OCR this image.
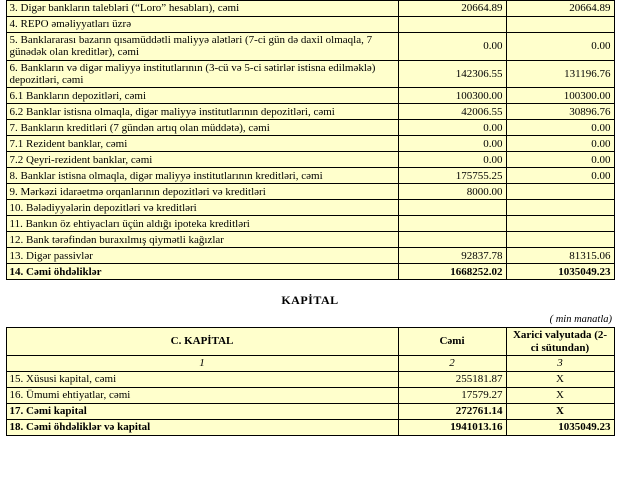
3. Digər bankların talebləri (“Loro” hesabları), cəmi	20664.89	20664.89
4. REPO əməliyyatları üzrə		
5. Banklararası bazarın qısamüddətli maliyyə alətləri (7-ci gün də daxil olmaqla, 7 günədək olan kreditlər), cəmi	0.00	0.00
6. Bankların və digər maliyyə institutlarının (3-cü və 5-ci sətirlər istisna edilməklə) depozitləri, cəmi	142306.55	131196.76
6.1 Bankların depozitləri, cəmi	100300.00	100300.00
6.2 Banklar istisna olmaqla, digər maliyyə institutlarının depozitləri, cəmi	42006.55	30896.76
7. Bankların kreditləri (7 gündən artıq olan müddətə), cəmi	0.00	0.00
7.1 Rezident banklar, cəmi	0.00	0.00
7.2 Qeyri-rezident banklar, cəmi	0.00	0.00
8. Banklar istisna olmaqla, digər maliyyə institutlarının kreditləri, cəmi	175755.25	0.00
9. Mərkəzi idarəetmə orqanlarının depozitləri və kreditləri	8000.00	
10. Bələdiyyələrin depozitləri və kreditləri		
11. Bankın öz ehtiyacları üçün aldığı ipoteka kreditləri		
12. Bank tərəfindən buraxılmış qiymətli kağızlar		
13. Digər passivlər	92837.78	81315.06
14. Cəmi öhdəliklər	1668252.02	1035049.23
KAPİTAL
( min manatla)
C. KAPİTAL	Cəmi	Xarici valyutada (2-ci sütundan)
1	2	3
15. Xüsusi kapital, cəmi	255181.87	X
16. Ümumi ehtiyatlar, cəmi	17579.27	X
17. Cəmi kapital	272761.14	X
18. Cəmi öhdəliklər və kapital	1941013.16	1035049.23
